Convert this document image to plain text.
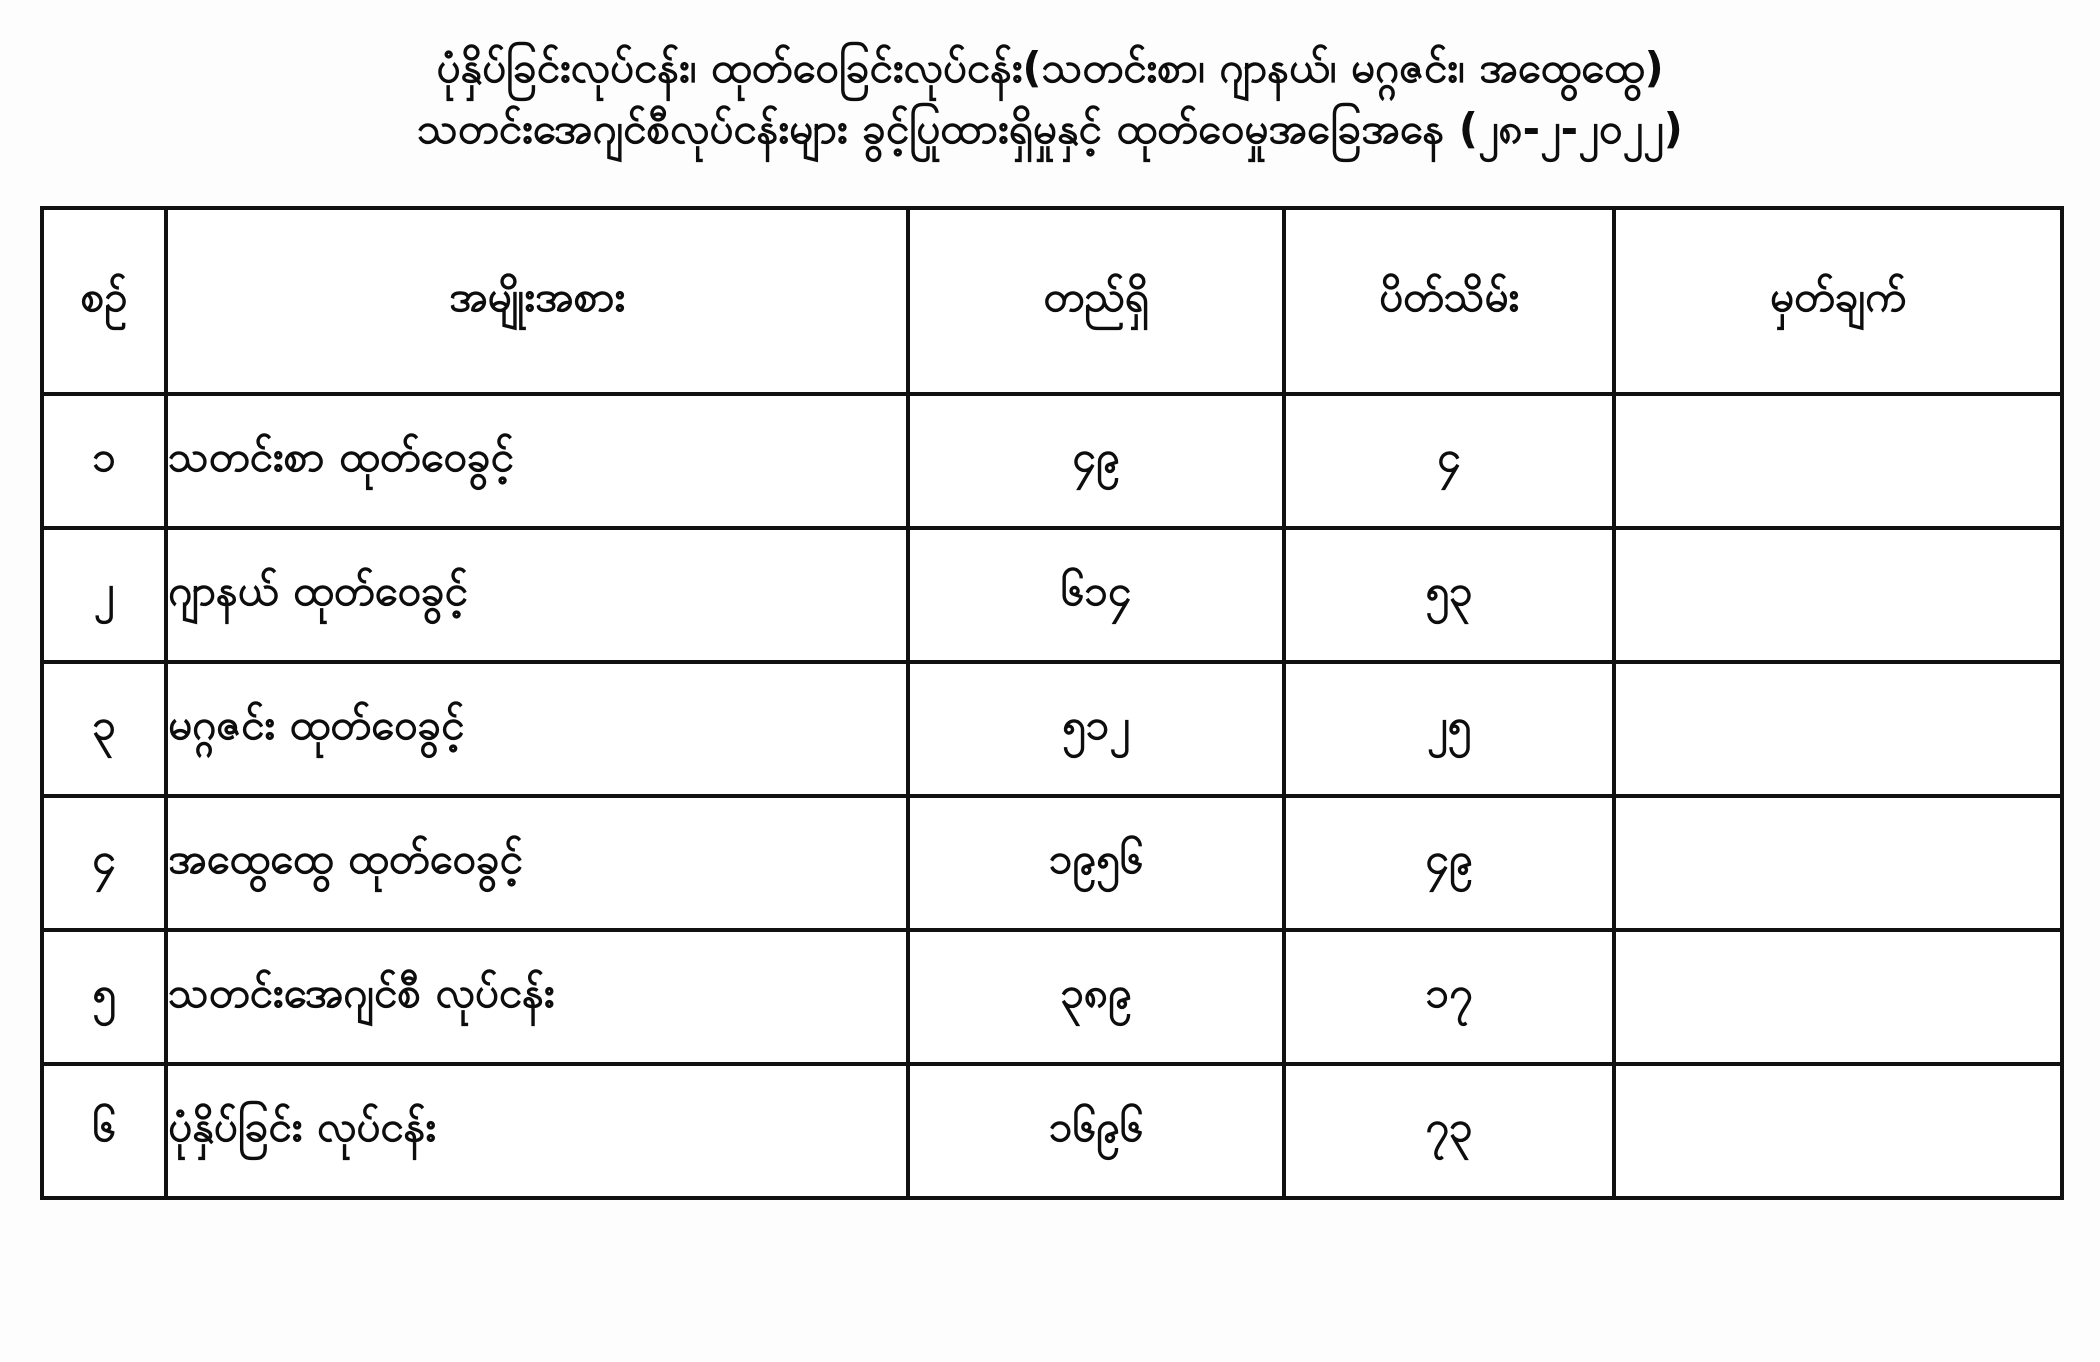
ပုံနှိပ်ခြင်းလုပ်ငန်း၊ ထုတ်ဝေခြင်းလုပ်ငန်း(သတင်းစာ၊ ဂျာနယ်၊ မဂ္ဂဇင်း၊ အထွေထွေ)
သတင်းအေဂျင်စီလုပ်ငန်းများ ခွင့်ပြုထားရှိမှုနှင့် ထုတ်ဝေမှုအခြေအနေ (၂၈-၂-၂၀၂၂)
စဉ်	အမျိုးအစား	တည်ရှိ	ပိတ်သိမ်း	မှတ်ချက်
၁	သတင်းစာ ထုတ်ဝေခွင့်	၄၉	၄	
၂	ဂျာနယ် ထုတ်ဝေခွင့်	၆၁၄	၅၃	
၃	မဂ္ဂဇင်း ထုတ်ဝေခွင့်	၅၁၂	၂၅	
၄	အထွေထွေ ထုတ်ဝေခွင့်	၁၉၅၆	၄၉	
၅	သတင်းအေဂျင်စီ လုပ်ငန်း	၃၈၉	၁၇	
၆	ပုံနှိပ်ခြင်း လုပ်ငန်း	၁၆၉၆	၇၃	
